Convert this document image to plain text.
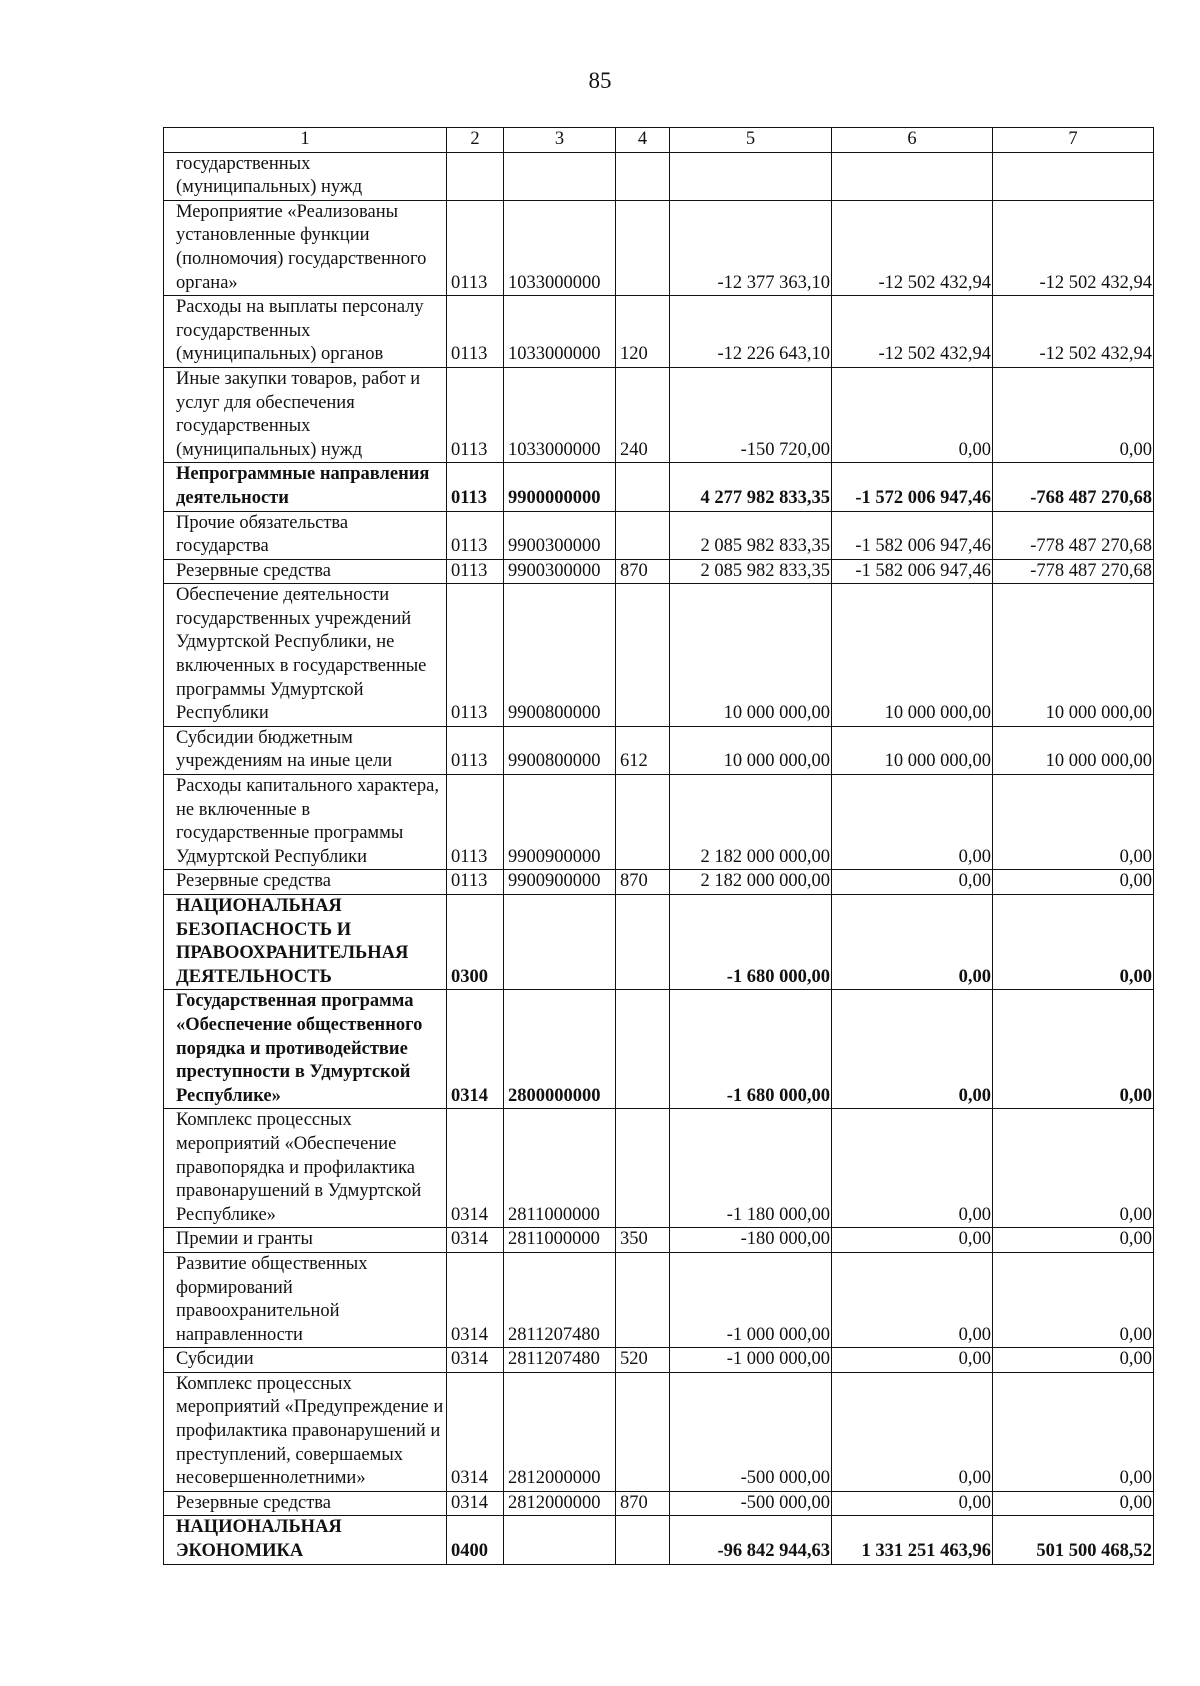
85
1	2	3	4	5	6	7
государственных (муниципальных) нужд						
Мероприятие «Реализованы установленные функции (полномочия) государственного органа»	0113	1033000000		-12 377 363,10	-12 502 432,94	-12 502 432,94
Расходы на выплаты персоналу государственных (муниципальных) органов	0113	1033000000	120	-12 226 643,10	-12 502 432,94	-12 502 432,94
Иные закупки товаров, работ и услуг для обеспечения государственных (муниципальных) нужд	0113	1033000000	240	-150 720,00	0,00	0,00
Непрограммные направления деятельности	0113	9900000000		4 277 982 833,35	-1 572 006 947,46	-768 487 270,68
Прочие обязательства государства	0113	9900300000		2 085 982 833,35	-1 582 006 947,46	-778 487 270,68
Резервные средства	0113	9900300000	870	2 085 982 833,35	-1 582 006 947,46	-778 487 270,68
Обеспечение деятельности государственных учреждений Удмуртской Республики, не включенных в государственные программы Удмуртской Республики	0113	9900800000		10 000 000,00	10 000 000,00	10 000 000,00
Субсидии бюджетным учреждениям на иные цели	0113	9900800000	612	10 000 000,00	10 000 000,00	10 000 000,00
Расходы капитального характера, не включенные в государственные программы Удмуртской Республики	0113	9900900000		2 182 000 000,00	0,00	0,00
Резервные средства	0113	9900900000	870	2 182 000 000,00	0,00	0,00
НАЦИОНАЛЬНАЯ БЕЗОПАСНОСТЬ И ПРАВООХРАНИТЕЛЬНАЯ ДЕЯТЕЛЬНОСТЬ	0300			-1 680 000,00	0,00	0,00
Государственная программа «Обеспечение общественного порядка и противодействие преступности в Удмуртской Республике»	0314	2800000000		-1 680 000,00	0,00	0,00
Комплекс процессных мероприятий «Обеспечение правопорядка и профилактика правонарушений в Удмуртской Республике»	0314	2811000000		-1 180 000,00	0,00	0,00
Премии и гранты	0314	2811000000	350	-180 000,00	0,00	0,00
Развитие общественных формирований правоохранительной направленности	0314	2811207480		-1 000 000,00	0,00	0,00
Субсидии	0314	2811207480	520	-1 000 000,00	0,00	0,00
Комплекс процессных мероприятий «Предупреждение и профилактика правонарушений и преступлений, совершаемых несовершеннолетними»	0314	2812000000		-500 000,00	0,00	0,00
Резервные средства	0314	2812000000	870	-500 000,00	0,00	0,00
НАЦИОНАЛЬНАЯ ЭКОНОМИКА	0400			-96 842 944,63	1 331 251 463,96	501 500 468,52
